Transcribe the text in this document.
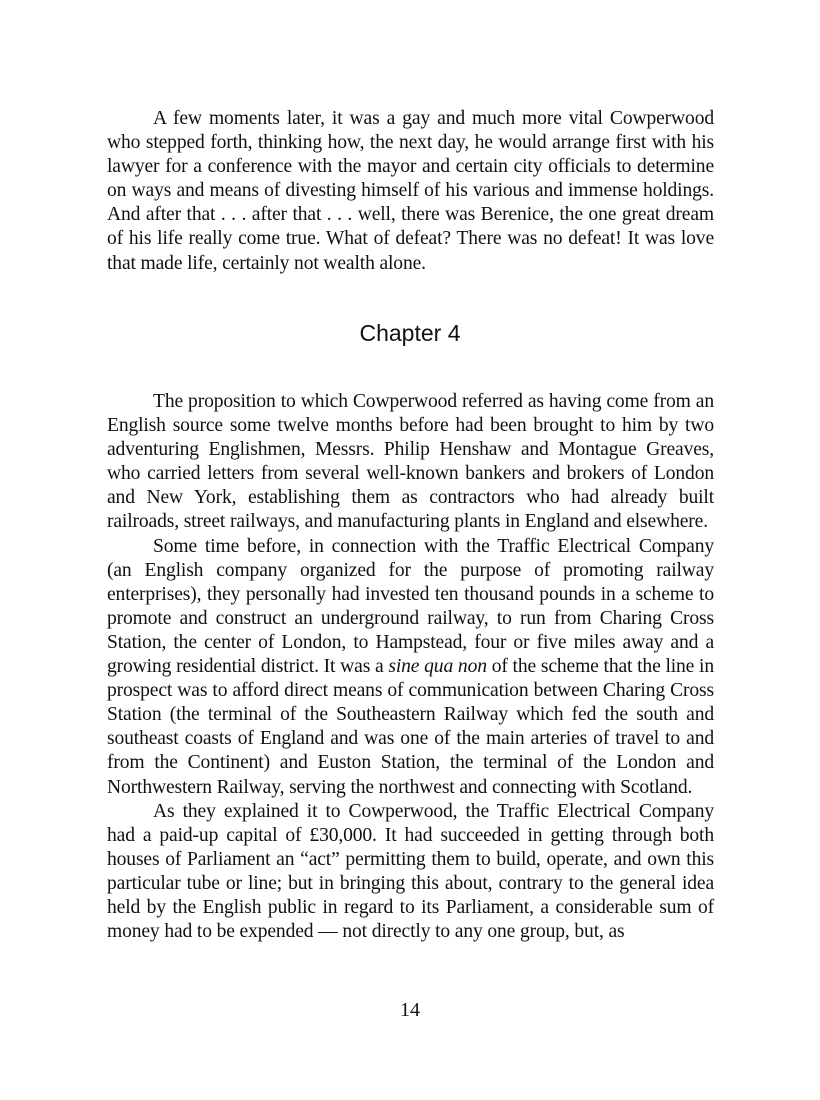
A few moments later, it was a gay and much more vital Cowperwood who stepped forth, thinking how, the next day, he would arrange first with his lawyer for a conference with the mayor and certain city officials to determine on ways and means of divesting himself of his various and immense holdings. And after that . . . after that . . . well, there was Berenice, the one great dream of his life really come true. What of defeat? There was no defeat! It was love that made life, certainly not wealth alone.

Chapter 4

The proposition to which Cowperwood referred as having come from an English source some twelve months before had been brought to him by two adventuring Englishmen, Messrs. Philip Henshaw and Montague Greaves, who carried letters from several well-known bankers and brokers of London and New York, establishing them as contractors who had already built railroads, street railways, and manufacturing plants in England and elsewhere.

Some time before, in connection with the Traffic Electrical Company (an English company organized for the purpose of promoting railway enterprises), they personally had invested ten thousand pounds in a scheme to promote and construct an underground railway, to run from Charing Cross Station, the center of London, to Hampstead, four or five miles away and a growing residential district. It was a sine qua non of the scheme that the line in prospect was to afford direct means of communication between Charing Cross Station (the terminal of the Southeastern Railway which fed the south and southeast coasts of England and was one of the main arteries of travel to and from the Continent) and Euston Station, the terminal of the London and Northwestern Railway, serving the northwest and connecting with Scotland.

As they explained it to Cowperwood, the Traffic Electrical Company had a paid-up capital of £30,000. It had succeeded in getting through both houses of Parliament an “act” permitting them to build, operate, and own this particular tube or line; but in bringing this about, contrary to the general idea held by the English public in regard to its Parliament, a considerable sum of money had to be expended — not directly to any one group, but, as

14
